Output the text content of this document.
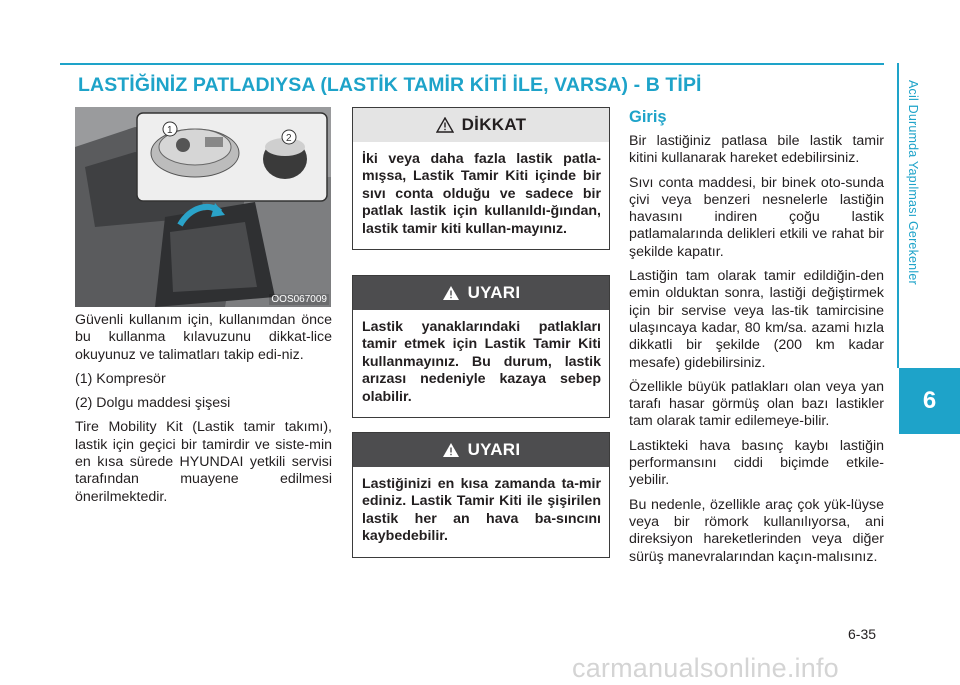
LASTİĞİNİZ PATLADIYSA (LASTİK TAMİR KİTİ İLE, VARSA) - B TİPİ	Acil Durumda Yapılması Gerekenler
6
1
2
OOS067009

Güvenli kullanım için, kullanımdan önce bu kullanma kılavuzunu dikkat-lice okuyunuz ve talimatları takip edi-niz.

(1) Kompresör

(2) Dolgu maddesi şişesi

Tire Mobility Kit (Lastik tamir takımı), lastik için geçici bir tamirdir ve siste-min en kısa sürede HYUNDAI yetkili servisi tarafından muayene edilmesi önerilmektedir.

DİKKAT
İki veya daha fazla lastik patla-mışsa, Lastik Tamir Kiti içinde bir sıvı conta olduğu ve sadece bir patlak lastik için kullanıldı-ğından, lastik tamir kiti kullan-mayınız.
UYARI
Lastik yanaklarındaki patlakları tamir etmek için Lastik Tamir Kiti kullanmayınız. Bu durum, lastik arızası nedeniyle kazaya sebep olabilir.
UYARI
Lastiğinizi en kısa zamanda ta-mir ediniz. Lastik Tamir Kiti ile şişirilen lastik her an hava ba-sıncını kaybedebilir.
Giriş

Bir lastiğiniz patlasa bile lastik tamir kitini kullanarak hareket edebilirsiniz.

Sıvı conta maddesi, bir binek oto-sunda çivi veya benzeri nesnelerle lastiğin havasını indiren çoğu lastik patlamalarında delikleri etkili ve rahat bir şekilde kapatır.

Lastiğin tam olarak tamir edildiğin-den emin olduktan sonra, lastiği değiştirmek için bir servise veya las-tik tamircisine ulaşıncaya kadar, 80 km/sa. azami hızla dikkatli bir şekilde (200 km kadar mesafe) gidebilirsiniz.

Özellikle büyük patlakları olan veya yan tarafı hasar görmüş olan bazı lastikler tam olarak tamir edilemeye-bilir.

Lastikteki hava basınç kaybı lastiğin performansını ciddi biçimde etkile-yebilir.

Bu nedenle, özellikle araç çok yük-lüyse veya bir römork kullanılıyorsa, ani direksiyon hareketlerinden veya diğer sürüş manevralarından kaçın-malısınız.

6-35
carmanualsonline.info
